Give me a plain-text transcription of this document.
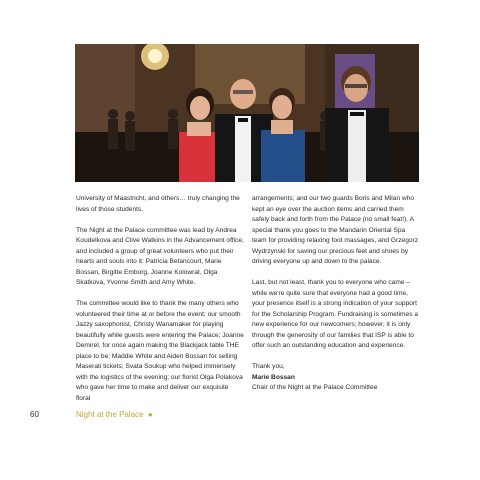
University of Maastricht, and others… truly changing the lives of those students.

The Night at the Palace committee was lead by Andrea Koudelkova and Clive Watkins in the Advancement office, and included a group of great volunteers who put their hearts and souls into it: Patricia Betancourt, Marie Bossan, Birgitte Emborg, Joanne Kolowrat, Olga Skatkova, Yvonne Smith and Amy White.

The committee would like to thank the many others who volunteered their time at or before the event: our smooth Jazzy saxophonist, Christy Wanamaker for playing beautifully while guests were entering the Palace; Joanne Demirel, for once again making the Blackjack table THE place to be; Maddie White and Aiden Bossan for selling Maserati tickets; Svata Soukup who helped immensely with the logistics of the evening; our florist Olga Polakova who gave her time to make and deliver our exquisite floral

arrangements; and our two guards Boris and Milan who kept an eye over the auction items and carried them safely back and forth from the Palace (no small feat!). A special thank you goes to the Mandarin Oriental Spa team for providing relaxing foot massages, and Grzegorz Wydrzynski for saving our precious feet and shoes by driving everyone up and down to the palace.

Last, but not least, thank you to everyone who came – while we're quite sure that everyone had a good time, your presence itself is a strong indication of your support for the Scholarship Program. Fundraising is sometimes a new experience for our newcomers; however, it is only through the generosity of our families that ISP is able to offer such an outstanding education and experience.

Thank you,
Marie Bossan
Chair of the Night at the Palace Committee

60	Night at the Palace ●
